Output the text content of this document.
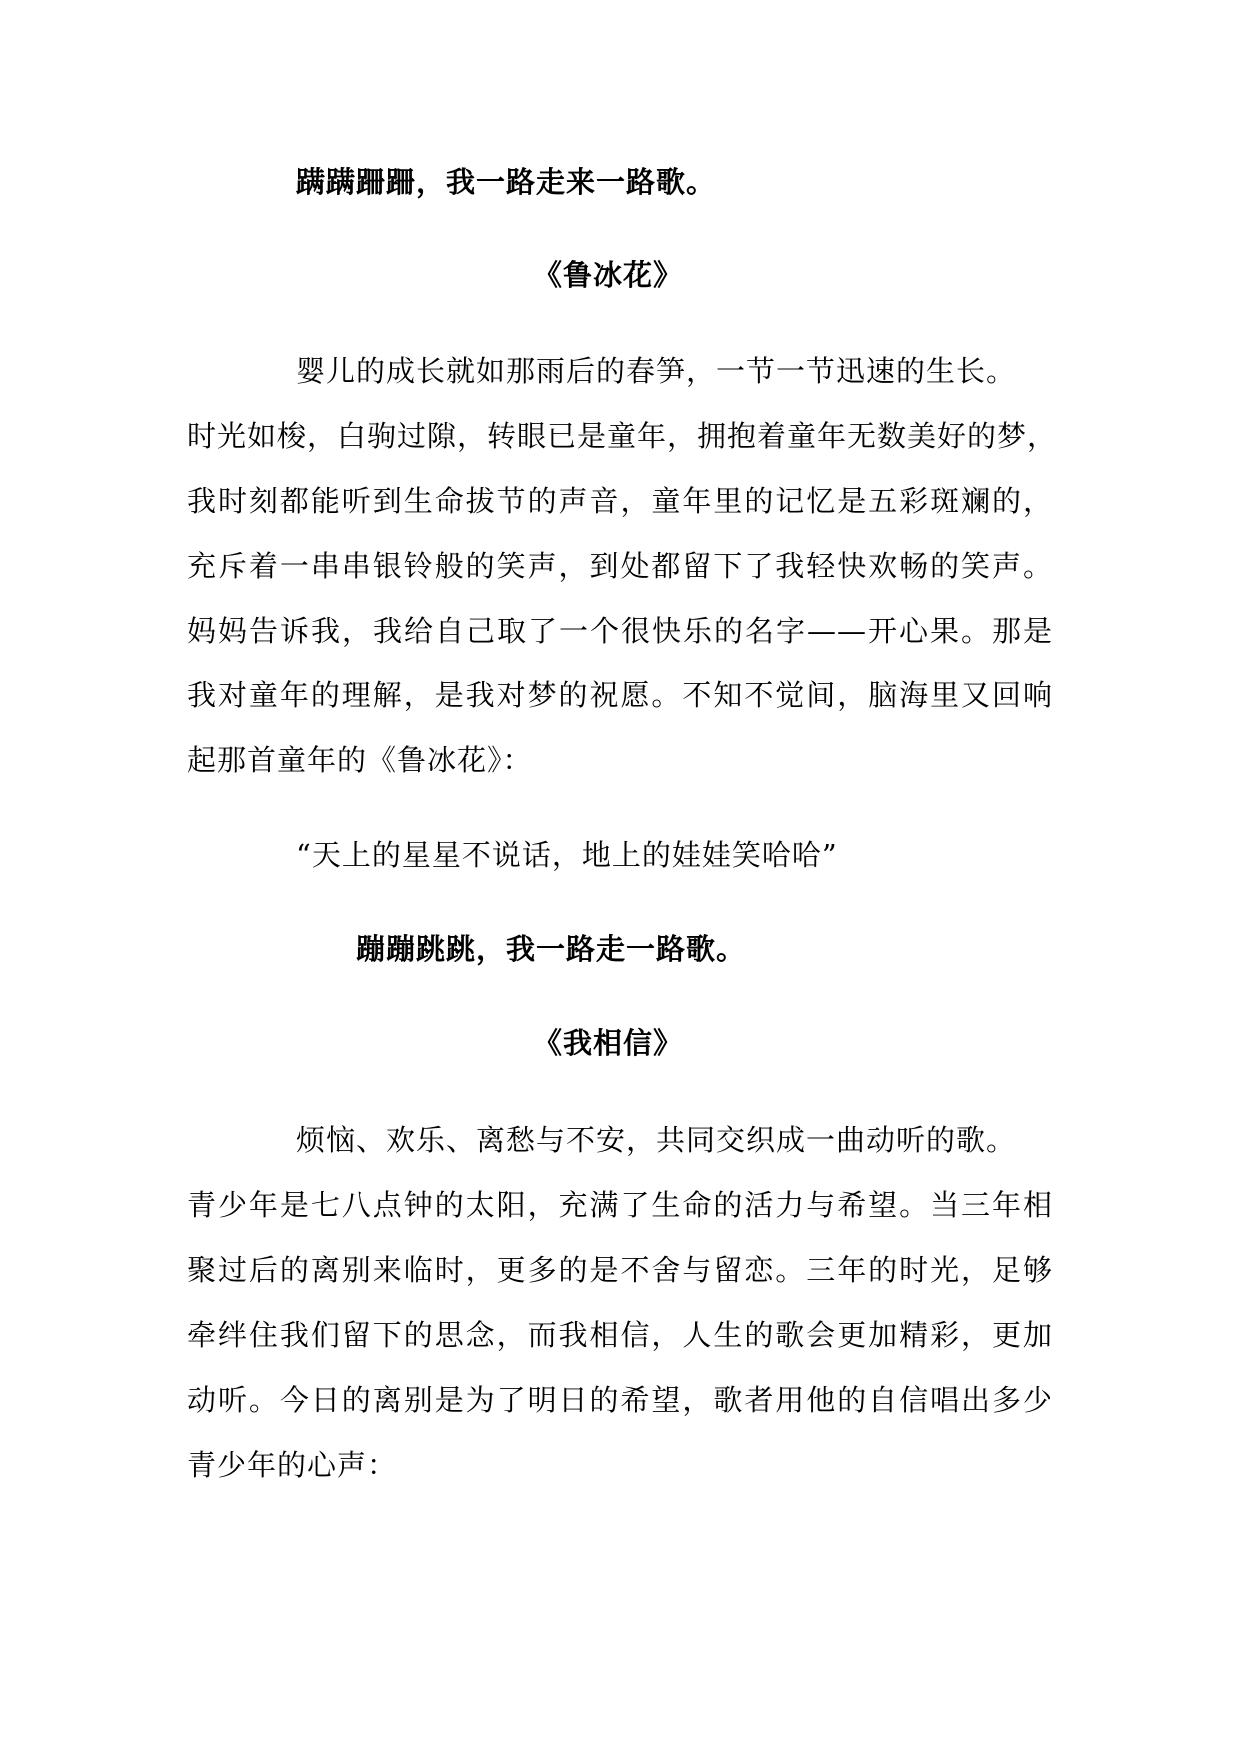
蹒蹒跚跚，我一路走来一路歌。
《鲁冰花》
婴儿的成长就如那雨后的春笋，一节一节迅速的生长。
时光如梭，白驹过隙，转眼已是童年，拥抱着童年无数美好的梦，
我时刻都能听到生命拔节的声音，童年里的记忆是五彩斑斓的，
充斥着一串串银铃般的笑声，到处都留下了我轻快欢畅的笑声。
妈妈告诉我，我给自己取了一个很快乐的名字——开心果。那是
我对童年的理解，是我对梦的祝愿。不知不觉间，脑海里又回响
起那首童年的《鲁冰花》：
“天上的星星不说话，地上的娃娃笑哈哈”
蹦蹦跳跳，我一路走一路歌。
《我相信》
烦恼、欢乐、离愁与不安，共同交织成一曲动听的歌。
青少年是七八点钟的太阳，充满了生命的活力与希望。当三年相
聚过后的离别来临时，更多的是不舍与留恋。三年的时光，足够
牵绊住我们留下的思念，而我相信，人生的歌会更加精彩，更加
动听。今日的离别是为了明日的希望，歌者用他的自信唱出多少
青少年的心声：
